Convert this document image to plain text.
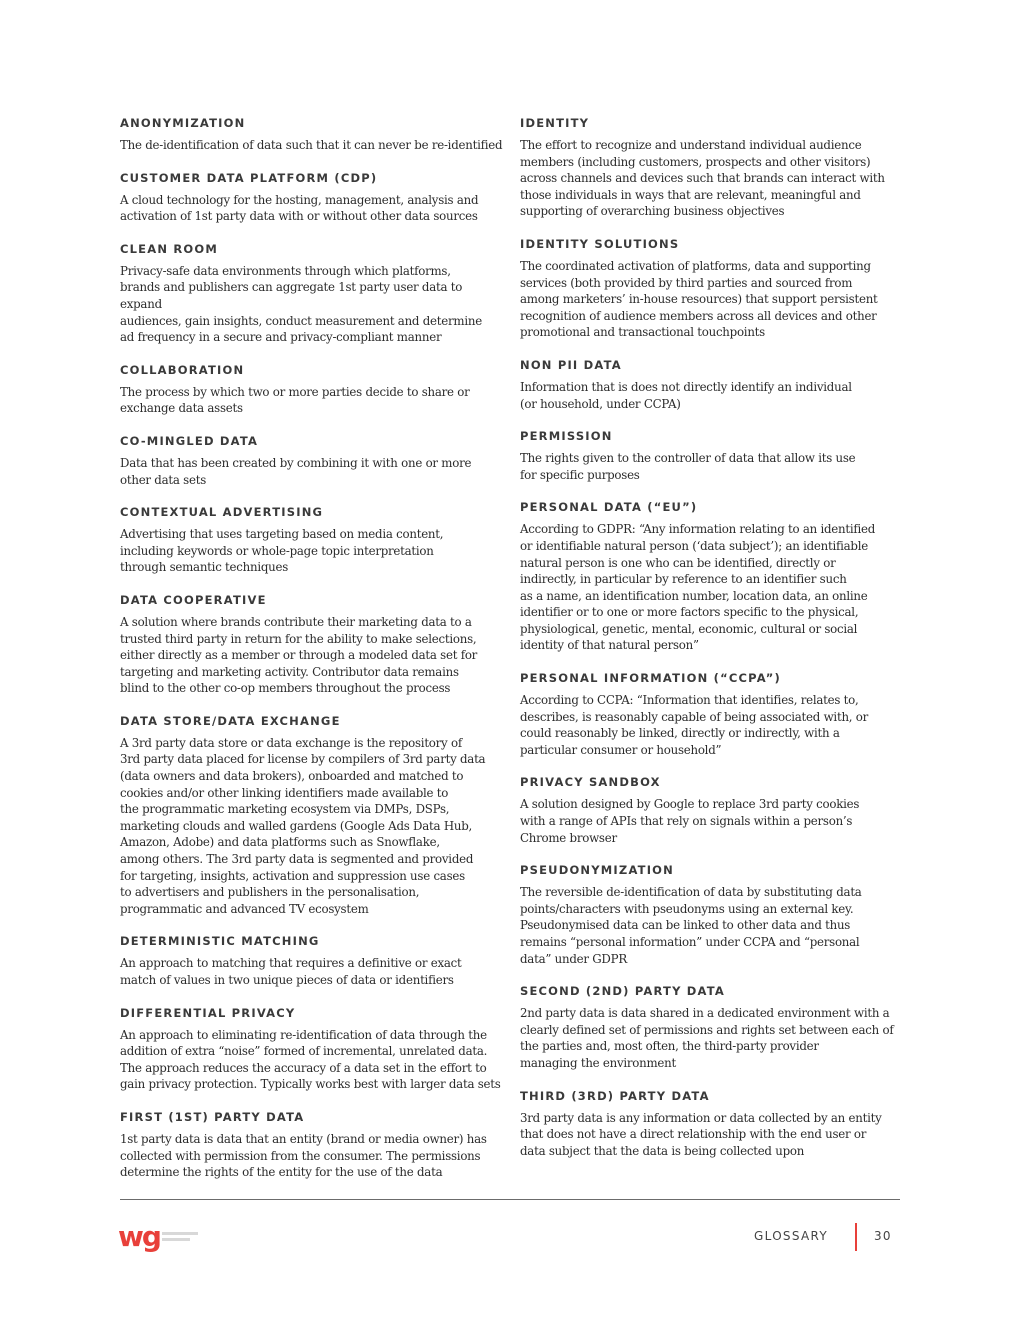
ANONYMIZATION
The de-identification of data such that it can never be re-identified
CUSTOMER DATA PLATFORM (CDP)
A cloud technology for the hosting, management, analysis and
activation of 1st party data with or without other data sources
CLEAN ROOM
Privacy-safe data environments through which platforms,
brands and publishers can aggregate 1st party user data to expand
audiences, gain insights, conduct measurement and determine
ad frequency in a secure and privacy-compliant manner
COLLABORATION
The process by which two or more parties decide to share or
exchange data assets
CO-MINGLED DATA
Data that has been created by combining it with one or more
other data sets
CONTEXTUAL ADVERTISING
Advertising that uses targeting based on media content,
including keywords or whole-page topic interpretation
through semantic techniques
DATA COOPERATIVE
A solution where brands contribute their marketing data to a
trusted third party in return for the ability to make selections,
either directly as a member or through a modeled data set for
targeting and marketing activity. Contributor data remains
blind to the other co-op members throughout the process
DATA STORE/DATA EXCHANGE
A 3rd party data store or data exchange is the repository of
3rd party data placed for license by compilers of 3rd party data
(data owners and data brokers), onboarded and matched to
cookies and/or other linking identifiers made available to
the programmatic marketing ecosystem via DMPs, DSPs,
marketing clouds and walled gardens (Google Ads Data Hub,
Amazon, Adobe) and data platforms such as Snowflake,
among others. The 3rd party data is segmented and provided
for targeting, insights, activation and suppression use cases
to advertisers and publishers in the personalisation,
programmatic and advanced TV ecosystem
DETERMINISTIC MATCHING
An approach to matching that requires a definitive or exact
match of values in two unique pieces of data or identifiers
DIFFERENTIAL PRIVACY
An approach to eliminating re-identification of data through the
addition of extra “noise” formed of incremental, unrelated data.
The approach reduces the accuracy of a data set in the effort to
gain privacy protection. Typically works best with larger data sets
FIRST (1ST) PARTY DATA
1st party data is data that an entity (brand or media owner) has
collected with permission from the consumer. The permissions
determine the rights of the entity for the use of the data
IDENTITY
The effort to recognize and understand individual audience
members (including customers, prospects and other visitors)
across channels and devices such that brands can interact with
those individuals in ways that are relevant, meaningful and
supporting of overarching business objectives
IDENTITY SOLUTIONS
The coordinated activation of platforms, data and supporting
services (both provided by third parties and sourced from
among marketers’ in-house resources) that support persistent
recognition of audience members across all devices and other
promotional and transactional touchpoints
NON PII DATA
Information that is does not directly identify an individual
(or household, under CCPA)
PERMISSION
The rights given to the controller of data that allow its use
for specific purposes
PERSONAL DATA (“EU”)
According to GDPR: “Any information relating to an identified
or identifiable natural person (‘data subject’); an identifiable
natural person is one who can be identified, directly or
indirectly, in particular by reference to an identifier such
as a name, an identification number, location data, an online
identifier or to one or more factors specific to the physical,
physiological, genetic, mental, economic, cultural or social
identity of that natural person”
PERSONAL INFORMATION (“CCPA”)
According to CCPA: “Information that identifies, relates to,
describes, is reasonably capable of being associated with, or
could reasonably be linked, directly or indirectly, with a
particular consumer or household”
PRIVACY SANDBOX
A solution designed by Google to replace 3rd party cookies
with a range of APIs that rely on signals within a person’s
Chrome browser
PSEUDONYMIZATION
The reversible de-identification of data by substituting data
points/characters with pseudonyms using an external key.
Pseudonymised data can be linked to other data and thus
remains “personal information” under CCPA and “personal
data” under GDPR
SECOND (2ND) PARTY DATA
2nd party data is data shared in a dedicated environment with a
clearly defined set of permissions and rights set between each of
the parties and, most often, the third-party provider
managing the environment
THIRD (3RD) PARTY DATA
3rd party data is any information or data collected by an entity
that does not have a direct relationship with the end user or
data subject that the data is being collected upon
wg	GLOSSARY	30
